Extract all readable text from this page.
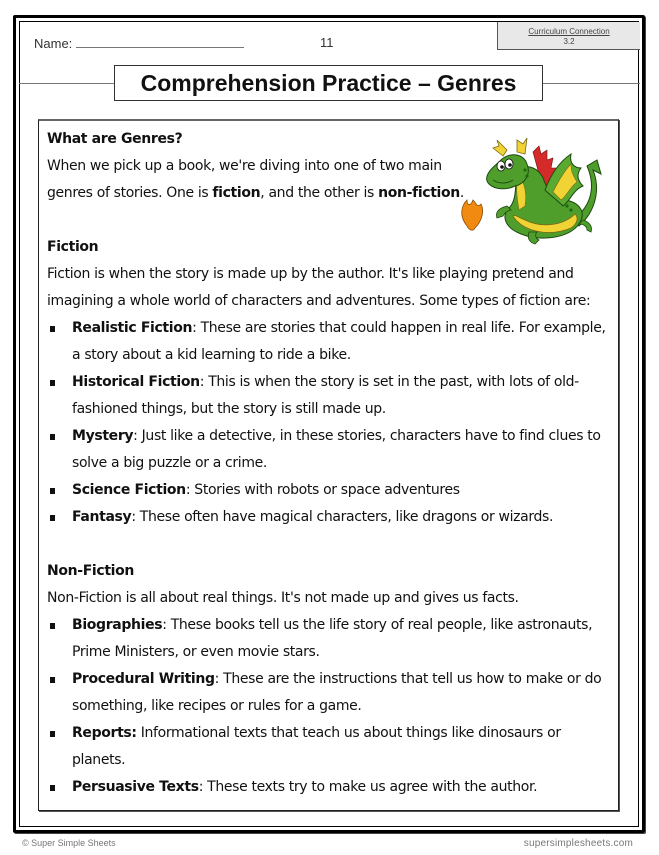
Name:	11
Curriculum Connection
3.2
Comprehension Practice – Genres

What are Genres?

When we pick up a book, we're diving into one of two main genres of stories. One is fiction, and the other is non-fiction.

Fiction

Fiction is when the story is made up by the author. It's like playing pretend and imagining a whole world of characters and adventures. Some types of fiction are:

Realistic Fiction: These are stories that could happen in real life. For example, a story about a kid learning to ride a bike.
Historical Fiction: This is when the story is set in the past, with lots of old-fashioned things, but the story is still made up.
Mystery: Just like a detective, in these stories, characters have to find clues to solve a big puzzle or a crime.
Science Fiction: Stories with robots or space adventures
Fantasy: These often have magical characters, like dragons or wizards.

Non-Fiction

Non-Fiction is all about real things. It's not made up and gives us facts.

Biographies: These books tell us the life story of real people, like astronauts, Prime Ministers, or even movie stars.
Procedural Writing: These are the instructions that tell us how to make or do something, like recipes or rules for a game.
Reports: Informational texts that teach us about things like dinosaurs or planets.
Persuasive Texts: These texts try to make us agree with the author.
© Super Simple Sheets	supersimplesheets.com
